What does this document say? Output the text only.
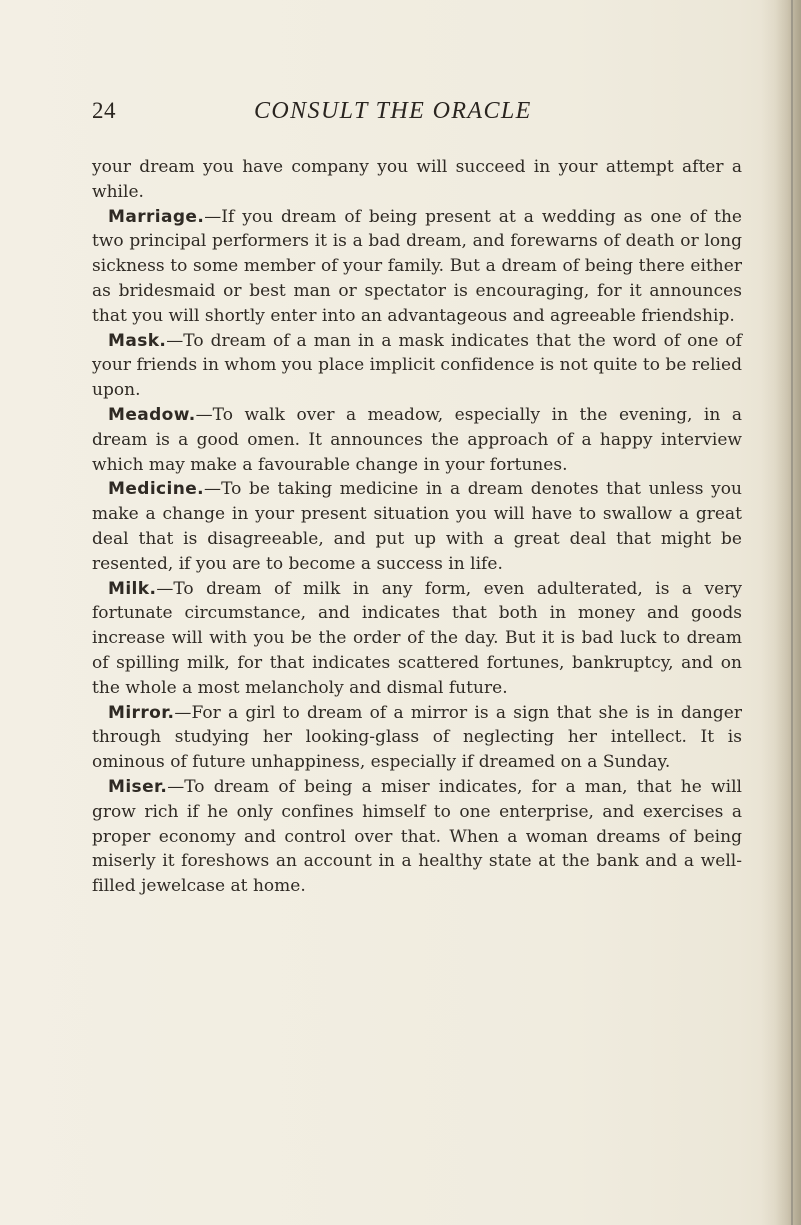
24	CONSULT THE ORACLE

your dream you have company you will succeed in your attempt after a while.

Marriage.—If you dream of being present at a wedding as one of the two principal performers it is a bad dream, and forewarns of death or long sickness to some member of your family. But a dream of being there either as bridesmaid or best man or spectator is encouraging, for it announces that you will shortly enter into an advantageous and agreeable friendship.

Mask.—To dream of a man in a mask indicates that the word of one of your friends in whom you place implicit confidence is not quite to be relied upon.

Meadow.—To walk over a meadow, especially in the evening, in a dream is a good omen. It announces the approach of a happy interview which may make a favourable change in your fortunes.

Medicine.—To be taking medicine in a dream denotes that unless you make a change in your present situation you will have to swallow a great deal that is disagreeable, and put up with a great deal that might be resented, if you are to become a success in life.

Milk.—To dream of milk in any form, even adulterated, is a very fortunate circumstance, and indicates that both in money and goods increase will with you be the order of the day. But it is bad luck to dream of spilling milk, for that indicates scattered fortunes, bankruptcy, and on the whole a most melancholy and dismal future.

Mirror.—For a girl to dream of a mirror is a sign that she is in danger through studying her looking-glass of neglecting her intellect. It is ominous of future unhappiness, especially if dreamed on a Sunday.

Miser.—To dream of being a miser indicates, for a man, that he will grow rich if he only confines himself to one enterprise, and exercises a proper economy and control over that. When a woman dreams of being miserly it foreshows an account in a healthy state at the bank and a well-filled jewelcase at home.
